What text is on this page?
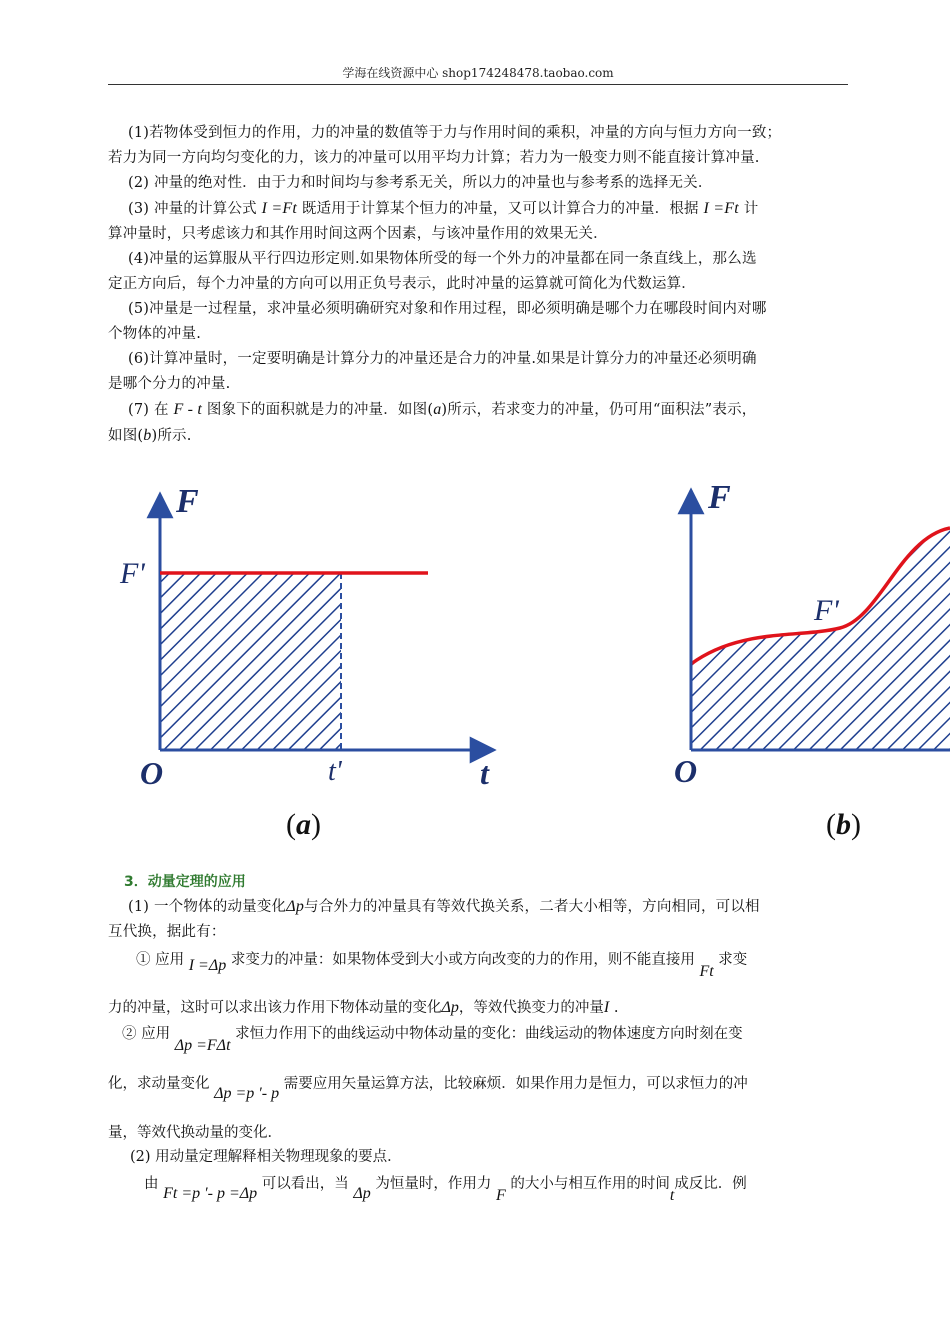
学海在线资源中心 shop174248478.taobao.com

(1)若物体受到恒力的作用，力的冲量的数值等于力与作用时间的乘积，冲量的方向与恒力方向一致；

若力为同一方向均匀变化的力，该力的冲量可以用平均力计算；若力为一般变力则不能直接计算冲量.

(2) 冲量的绝对性．由于力和时间均与参考系无关，所以力的冲量也与参考系的选择无关．

(3) 冲量的计算公式 I =Ft 既适用于计算某个恒力的冲量，又可以计算合力的冲量．根据 I =Ft 计

算冲量时，只考虑该力和其作用时间这两个因素，与该冲量作用的效果无关．

(4)冲量的运算服从平行四边形定则.如果物体所受的每一个外力的冲量都在同一条直线上，那么选

定正方向后，每个力冲量的方向可以用正负号表示，此时冲量的运算就可简化为代数运算．

(5)冲量是一过程量，求冲量必须明确研究对象和作用过程，即必须明确是哪个力在哪段时间内对哪

个物体的冲量.

(6)计算冲量时，一定要明确是计算分力的冲量还是合力的冲量.如果是计算分力的冲量还必须明确

是哪个分力的冲量.

(7) 在 F - t 图象下的面积就是力的冲量．如图(a)所示，若求变力的冲量，仍可用“面积法”表示，

如图(b)所示.

F
F'
O	t'	t
(a)
F
F'
O
(b)
3．动量定理的应用

(1) 一个物体的动量变化Δp与合外力的冲量具有等效代换关系，二者大小相等，方向相同，可以相

互代换，据此有：

① 应用 I =Δp 求变力的冲量：如果物体受到大小或方向改变的力的作用，则不能直接用 Ft 求变
力的冲量，这时可以求出该力作用下物体动量的变化Δp，等效代换变力的冲量I .
② 应用 Δp =FΔt 求恒力作用下的曲线运动中物体动量的变化：曲线运动的物体速度方向时刻在变
化，求动量变化 Δp =p ′- p 需要应用矢量运算方法，比较麻烦．如果作用力是恒力，可以求恒力的冲
量，等效代换动量的变化．
(2) 用动量定理解释相关物理现象的要点．
由 Ft =p ′- p =Δp 可以看出，当 Δp 为恒量时，作用力 F 的大小与相互作用的时间t成反比．例
